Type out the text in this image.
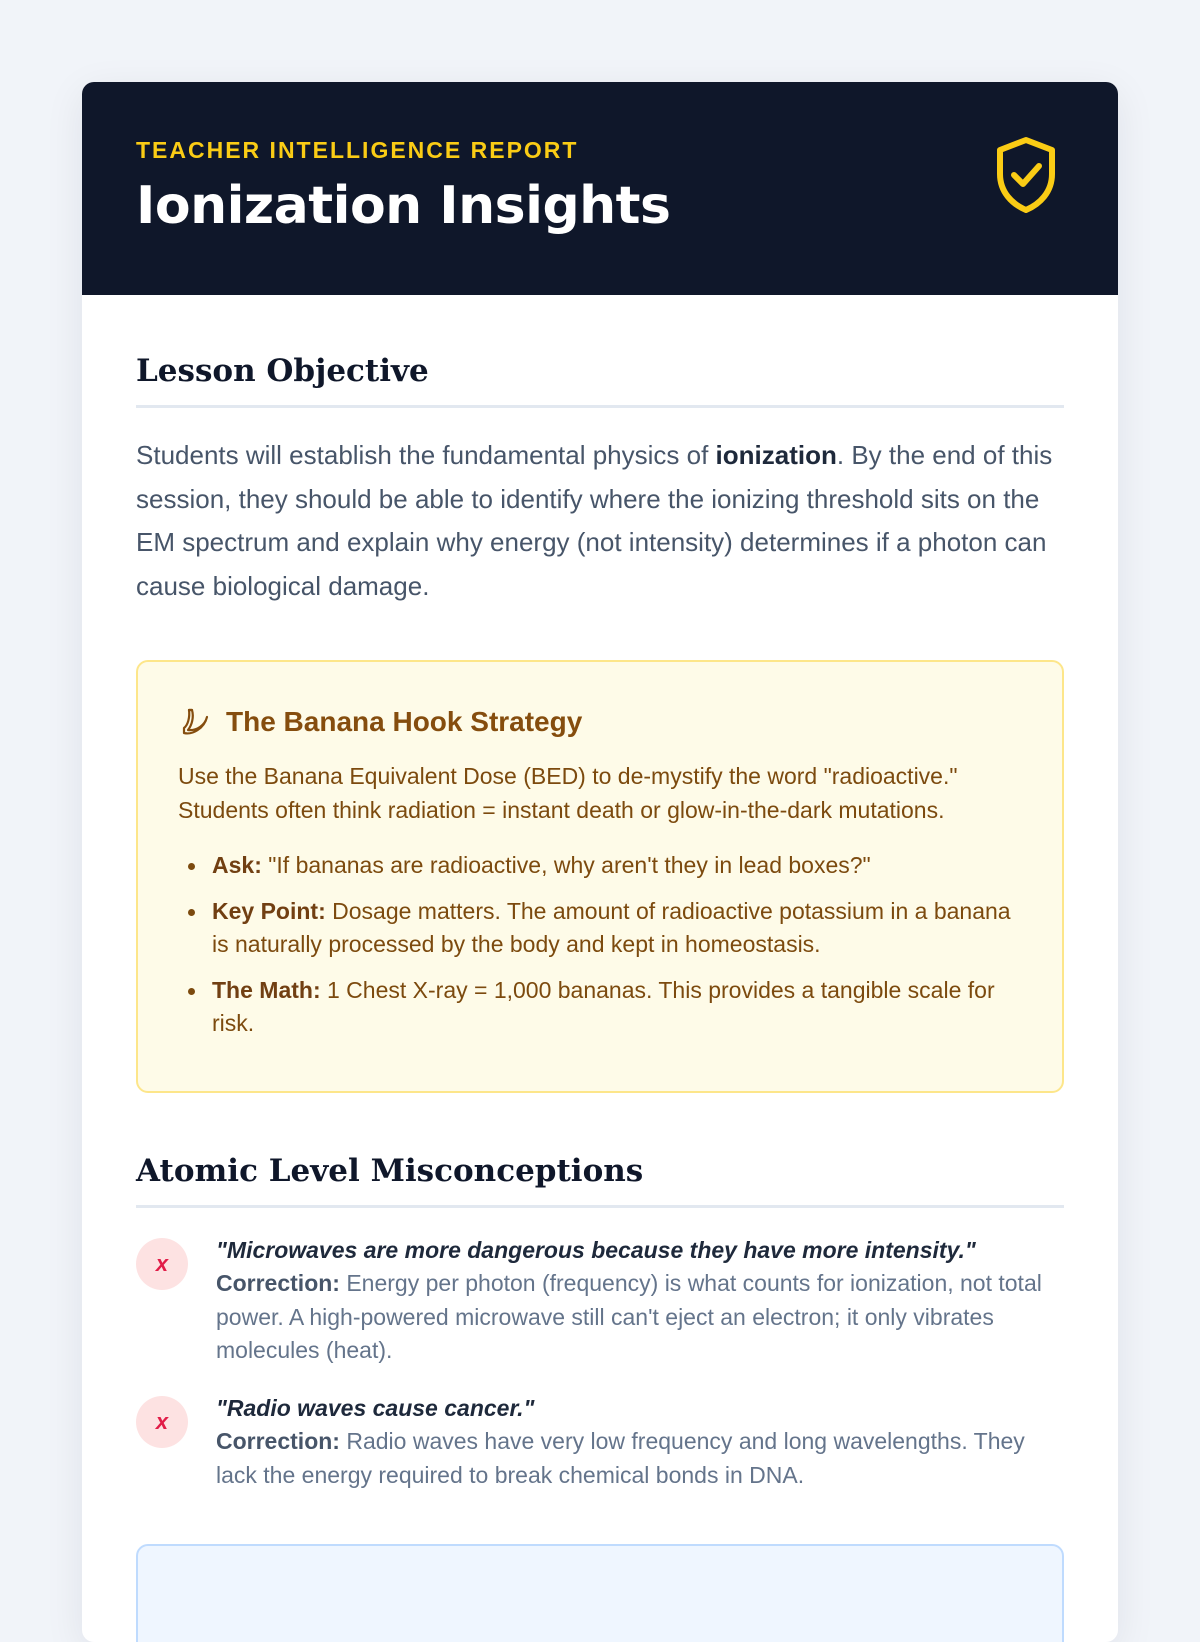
TEACHER INTELLIGENCE REPORT
Ionization Insights
Lesson Objective

Students will establish the fundamental physics of ionization. By the end of this session, they should be able to identify where the ionizing threshold sits on the EM spectrum and explain why energy (not intensity) determines if a photon can cause biological damage.

The Banana Hook Strategy

Use the Banana Equivalent Dose (BED) to de-mystify the word "radioactive." Students often think radiation = instant death or glow-in-the-dark mutations.

Ask: "If bananas are radioactive, why aren't they in lead boxes?"
Key Point: Dosage matters. The amount of radioactive potassium in a banana is naturally processed by the body and kept in homeostasis.
The Math: 1 Chest X-ray = 1,000 bananas. This provides a tangible scale for risk.
Atomic Level Misconceptions
x
"Microwaves are more dangerous because they have more intensity."
Correction: Energy per photon (frequency) is what counts for ionization, not total power. A high-powered microwave still can't eject an electron; it only vibrates molecules (heat).
x
"Radio waves cause cancer."
Correction: Radio waves have very low frequency and long wavelengths. They lack the energy required to break chemical bonds in DNA.
